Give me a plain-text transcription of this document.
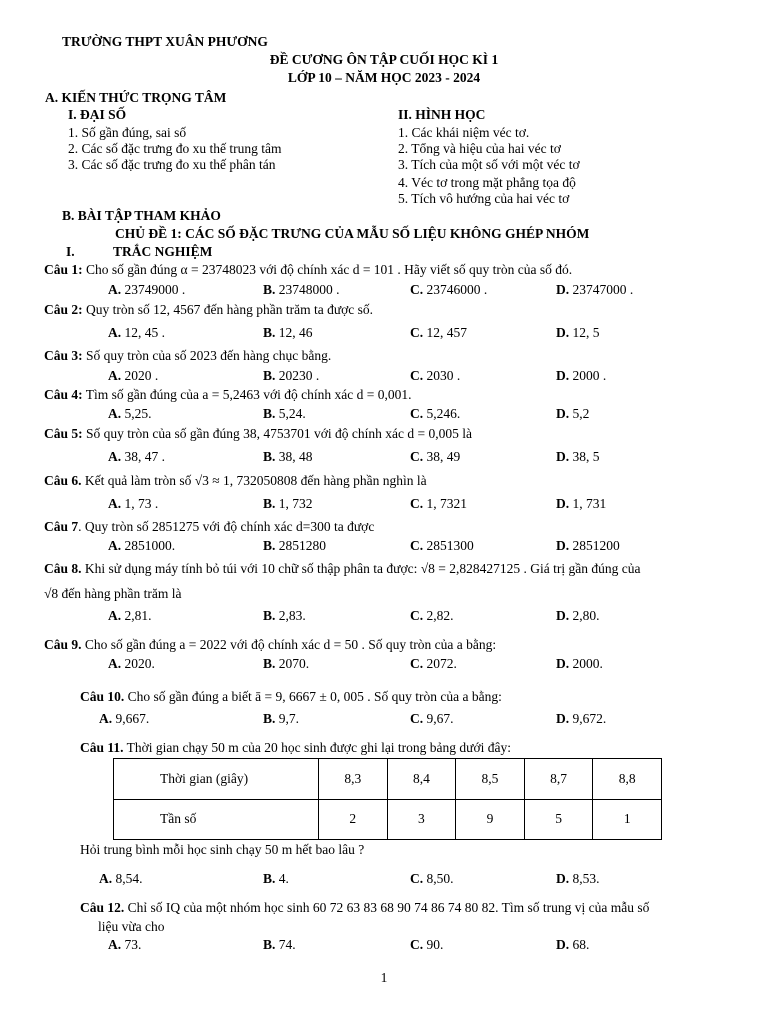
TRƯỜNG THPT XUÂN PHƯƠNG
ĐỀ CƯƠNG ÔN TẬP CUỐI HỌC KÌ 1
LỚP 10 – NĂM HỌC 2023 - 2024
A. KIẾN THỨC TRỌNG TÂM
I. ĐẠI SỐ
1. Số gần đúng, sai số
2. Các số đặc trưng đo xu thế trung tâm
3. Các số đặc trưng đo xu thế phân tán
II. HÌNH HỌC
1. Các khái niệm véc tơ.
2. Tổng và hiệu của hai véc tơ
3. Tích của một số với một véc tơ
4. Véc tơ trong mặt phẳng tọa độ
5. Tích vô hướng của hai véc tơ
B. BÀI TẬP THAM KHẢO
CHỦ ĐỀ 1: CÁC SỐ ĐẶC TRƯNG CỦA MẪU SỐ LIỆU KHÔNG GHÉP NHÓM
I.	TRẮC NGHIỆM
Câu 1: Cho số gần đúng α = 23748023 với độ chính xác d = 101 . Hãy viết số quy tròn của số đó.
A. 23749000 .	B. 23748000 .	C. 23746000 .	D. 23747000 .
Câu 2: Quy tròn số 12, 4567 đến hàng phần trăm ta được số.
A. 12, 45 .	B. 12, 46	C. 12, 457	D. 12, 5
Câu 3: Số quy tròn của số 2023 đến hàng chục bằng.
A. 2020 .	B. 20230 .	C. 2030 .	D. 2000 .
Câu 4: Tìm số gần đúng của a = 5,2463 với độ chính xác d = 0,001.
A. 5,25.	B. 5,24.	C. 5,246.	D. 5,2
Câu 5: Số quy tròn của số gần đúng 38, 4753701 với độ chính xác d = 0,005 là
A. 38, 47 .	B. 38, 48	C. 38, 49	D. 38, 5
Câu 6. Kết quả làm tròn số √3 ≈ 1, 732050808 đến hàng phần nghìn là
A. 1, 73 .	B. 1, 732	C. 1, 7321	D. 1, 731
Câu 7. Quy tròn số 2851275 với độ chính xác d=300 ta được
A. 2851000.	B. 2851280	C. 2851300	D. 2851200
Câu 8. Khi sử dụng máy tính bỏ túi với 10 chữ số thập phân ta được: √8 = 2,828427125 . Giá trị gần đúng của
√8 đến hàng phần trăm là
A. 2,81.	B. 2,83.	C. 2,82.	D. 2,80.
Câu 9. Cho số gần đúng a = 2022 với độ chính xác d = 50 . Số quy tròn của a bằng:
A. 2020.	B. 2070.	C. 2072.	D. 2000.
Câu 10. Cho số gần đúng a biết ā = 9, 6667 ± 0, 005 . Số quy tròn của a bằng:
A. 9,667.	B. 9,7.	C. 9,67.	D. 9,672.
Câu 11. Thời gian chạy 50 m của 20 học sinh được ghi lại trong bảng dưới đây:
Thời gian (giây)	8,3	8,4	8,5	8,7	8,8
Tần số	2	3	9	5	1
Hỏi trung bình mỗi học sinh chạy 50 m hết bao lâu ?
A. 8,54.	B. 4.	C. 8,50.	D. 8,53.
Câu 12. Chỉ số IQ của một nhóm học sinh 60 72 63 83 68 90 74 86 74 80 82. Tìm số trung vị của mẫu số
liệu vừa cho
A. 73.	B. 74.	C. 90.	D. 68.
1
